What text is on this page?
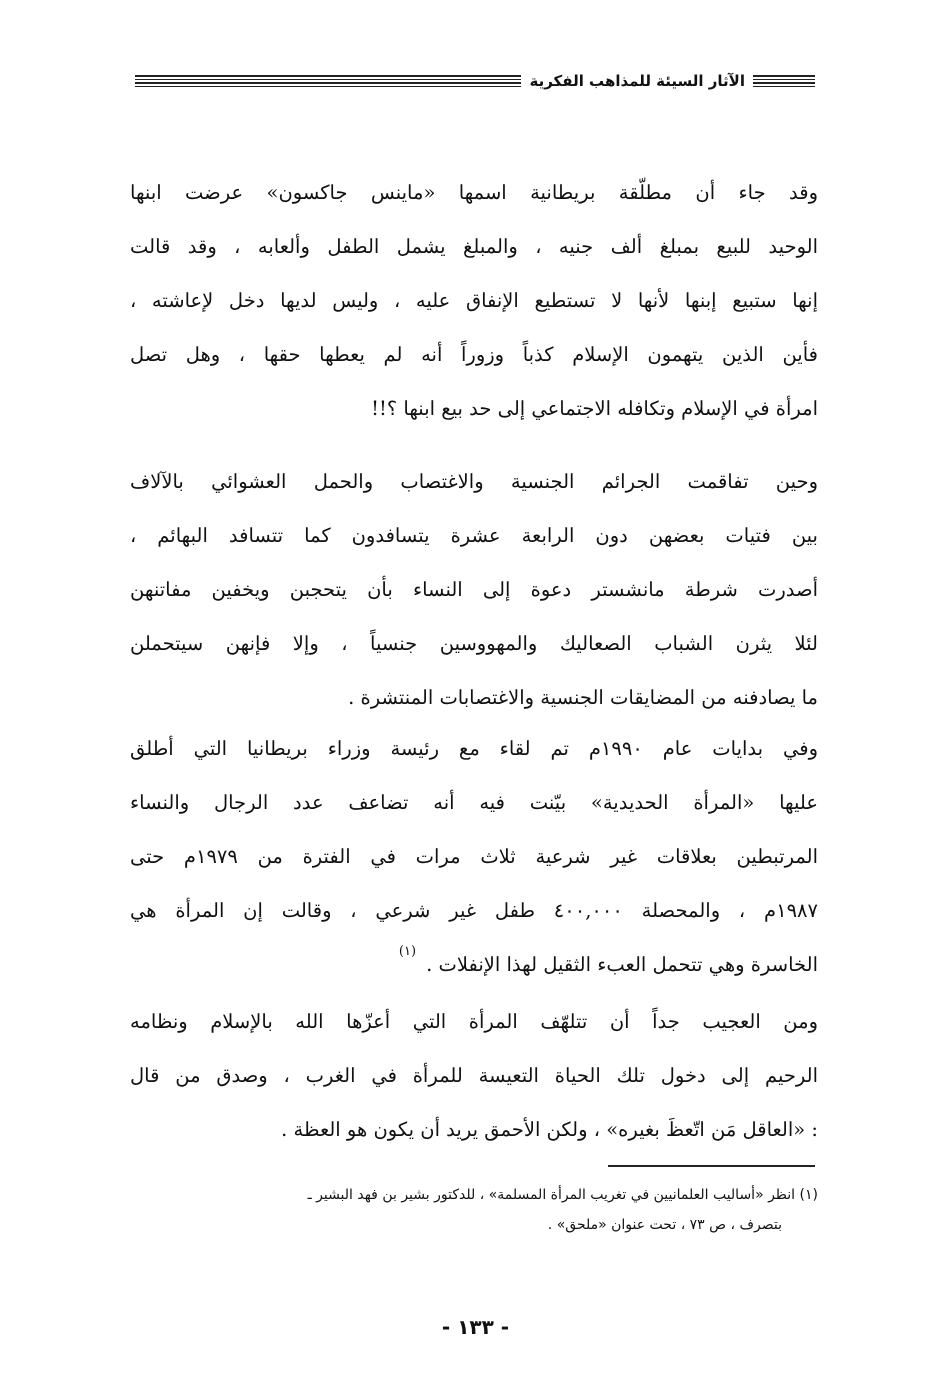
الآثار السيئة للمذاهب الفكرية
وقد جاء أن مطلّقة بريطانية اسمها «ماينس جاكسون» عرضت ابنها
الوحيد للبيع بمبلغ ألف جنيه ، والمبلغ يشمل الطفل وألعابه ، وقد قالت
إنها ستبيع إبنها لأنها لا تستطيع الإنفاق عليه ، وليس لديها دخل لإعاشته ،
فأين الذين يتهمون الإسلام كذباً وزوراً أنه لم يعطها حقها ، وهل تصل
امرأة في الإسلام وتكافله الاجتماعي إلى حد بيع ابنها ؟!!
وحين تفاقمت الجرائم الجنسية والاغتصاب والحمل العشوائي بالآلاف
بين فتيات بعضهن دون الرابعة عشرة يتسافدون كما تتسافد البهائم ،
أصدرت شرطة مانشستر دعوة إلى النساء بأن يتحجبن ويخفين مفاتنهن
لئلا يثرن الشباب الصعاليك والمهووسين جنسياً ، وإلا فإنهن سيتحملن
ما يصادفنه من المضايقات الجنسية والاغتصابات المنتشرة .
وفي بدايات عام ١٩٩٠م تم لقاء مع رئيسة وزراء بريطانيا التي أطلق
عليها «المرأة الحديدية» بيّنت فيه أنه تضاعف عدد الرجال والنساء
المرتبطين بعلاقات غير شرعية ثلاث مرات في الفترة من ١٩٧٩م حتى
١٩٨٧م ، والمحصلة ٤٠٠,٠٠٠ طفل غير شرعي ، وقالت إن المرأة هي
الخاسرة وهي تتحمل العبء الثقيل لهذا الإنفلات .$^{(١)}$
ومن العجيب جداً أن تتلهّف المرأة التي أعزّها الله بالإسلام ونظامه
الرحيم إلى دخول تلك الحياة التعيسة للمرأة في الغرب ، وصدق من قال
: «العاقل مَن اتّعظَ بغيره» ، ولكن الأحمق يريد أن يكون هو العظة .
(١) انظر «أساليب العلمانيين في تغريب المرأة المسلمة» ، للدكتور بشير بن فهد البشير ـ
بتصرف ، ص ٧٣ ، تحت عنوان «ملحق» .
- ١٣٣ -
